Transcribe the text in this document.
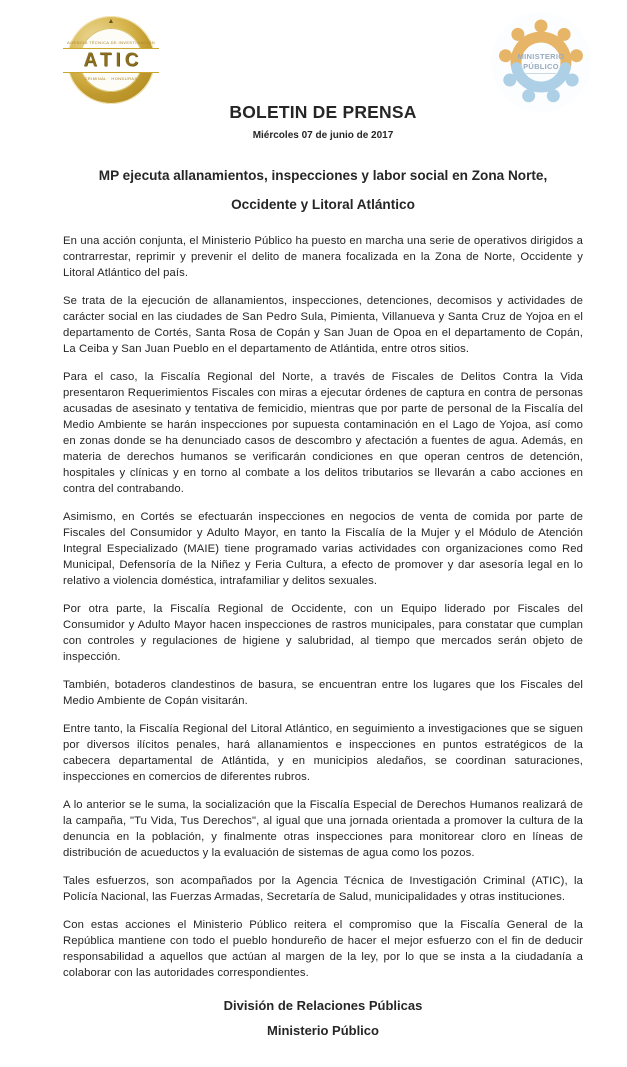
▲
AGENCIA TÉCNICA DE INVESTIGACIÓN
ATIC
CRIMINAL · HONDURAS
MINISTERIO
PÚBLICO
BOLETIN DE PRENSA
Miércoles 07 de junio de 2017
MP ejecuta allanamientos, inspecciones y labor social en Zona Norte, Occidente y Litoral Atlántico

En una acción conjunta, el Ministerio Público ha puesto en marcha una serie de operativos dirigidos a contrarrestar, reprimir y prevenir el delito de manera focalizada en la Zona de Norte, Occidente y Litoral Atlántico del país.

Se trata de la ejecución de allanamientos, inspecciones, detenciones, decomisos y actividades de carácter social en las ciudades de San Pedro Sula, Pimienta, Villanueva y Santa Cruz de Yojoa en el departamento de Cortés, Santa Rosa de Copán y San Juan de Opoa en el departamento de Copán, La Ceiba y San Juan Pueblo en el departamento de Atlántida, entre otros sitios.

Para el caso, la Fiscalía Regional del Norte, a través de Fiscales de Delitos Contra la Vida presentaron Requerimientos Fiscales con miras a ejecutar órdenes de captura en contra de personas acusadas de asesinato y tentativa de femicidio, mientras que por parte de personal de la Fiscalía del Medio Ambiente se harán inspecciones por supuesta contaminación en el Lago de Yojoa, así como en zonas donde se ha denunciado casos de descombro y afectación a fuentes de agua. Además, en materia de derechos humanos se verificarán condiciones en que operan centros de detención, hospitales y clínicas y en torno al combate a los delitos tributarios se llevarán a cabo acciones en contra del contrabando.

Asimismo, en Cortés se efectuarán inspecciones en negocios de venta de comida por parte de Fiscales del Consumidor y Adulto Mayor, en tanto la Fiscalía de la Mujer y el Módulo de Atención Integral Especializado (MAIE) tiene programado varias actividades con organizaciones como Red Municipal, Defensoría de la Niñez y Feria Cultura, a efecto de promover y dar asesoría legal en lo relativo a violencia doméstica, intrafamiliar y delitos sexuales.

Por otra parte, la Fiscalía Regional de Occidente, con un Equipo liderado por Fiscales del Consumidor y Adulto Mayor hacen inspecciones de rastros municipales, para constatar que cumplan con controles y regulaciones de higiene y salubridad, al tiempo que mercados serán objeto de inspección.

También, botaderos clandestinos de basura, se encuentran entre los lugares que los Fiscales del Medio Ambiente de Copán visitarán.

Entre tanto, la Fiscalía Regional del Litoral Atlántico, en seguimiento a investigaciones que se siguen por diversos ilícitos penales, hará allanamientos e inspecciones en puntos estratégicos de la cabecera departamental de Atlántida, y en municipios aledaños, se coordinan saturaciones, inspecciones en comercios de diferentes rubros.

A lo anterior se le suma, la socialización que la Fiscalía Especial de Derechos Humanos realizará de la campaña, "Tu Vida, Tus Derechos", al igual que una jornada orientada a promover la cultura de la denuncia en la población, y finalmente otras inspecciones para monitorear cloro en líneas de distribución de acueductos y la evaluación de sistemas de agua como los pozos.

Tales esfuerzos, son acompañados por la Agencia Técnica de Investigación Criminal (ATIC), la Policía Nacional, las Fuerzas Armadas, Secretaría de Salud, municipalidades y otras instituciones.

Con estas acciones el Ministerio Público reitera el compromiso que la Fiscalía General de la República mantiene con todo el pueblo hondureño de hacer el mejor esfuerzo con el fin de deducir responsabilidad a aquellos que actúan al margen de la ley, por lo que se insta a la ciudadanía a colaborar con las autoridades correspondientes.

División de Relaciones Públicas
Ministerio Público
